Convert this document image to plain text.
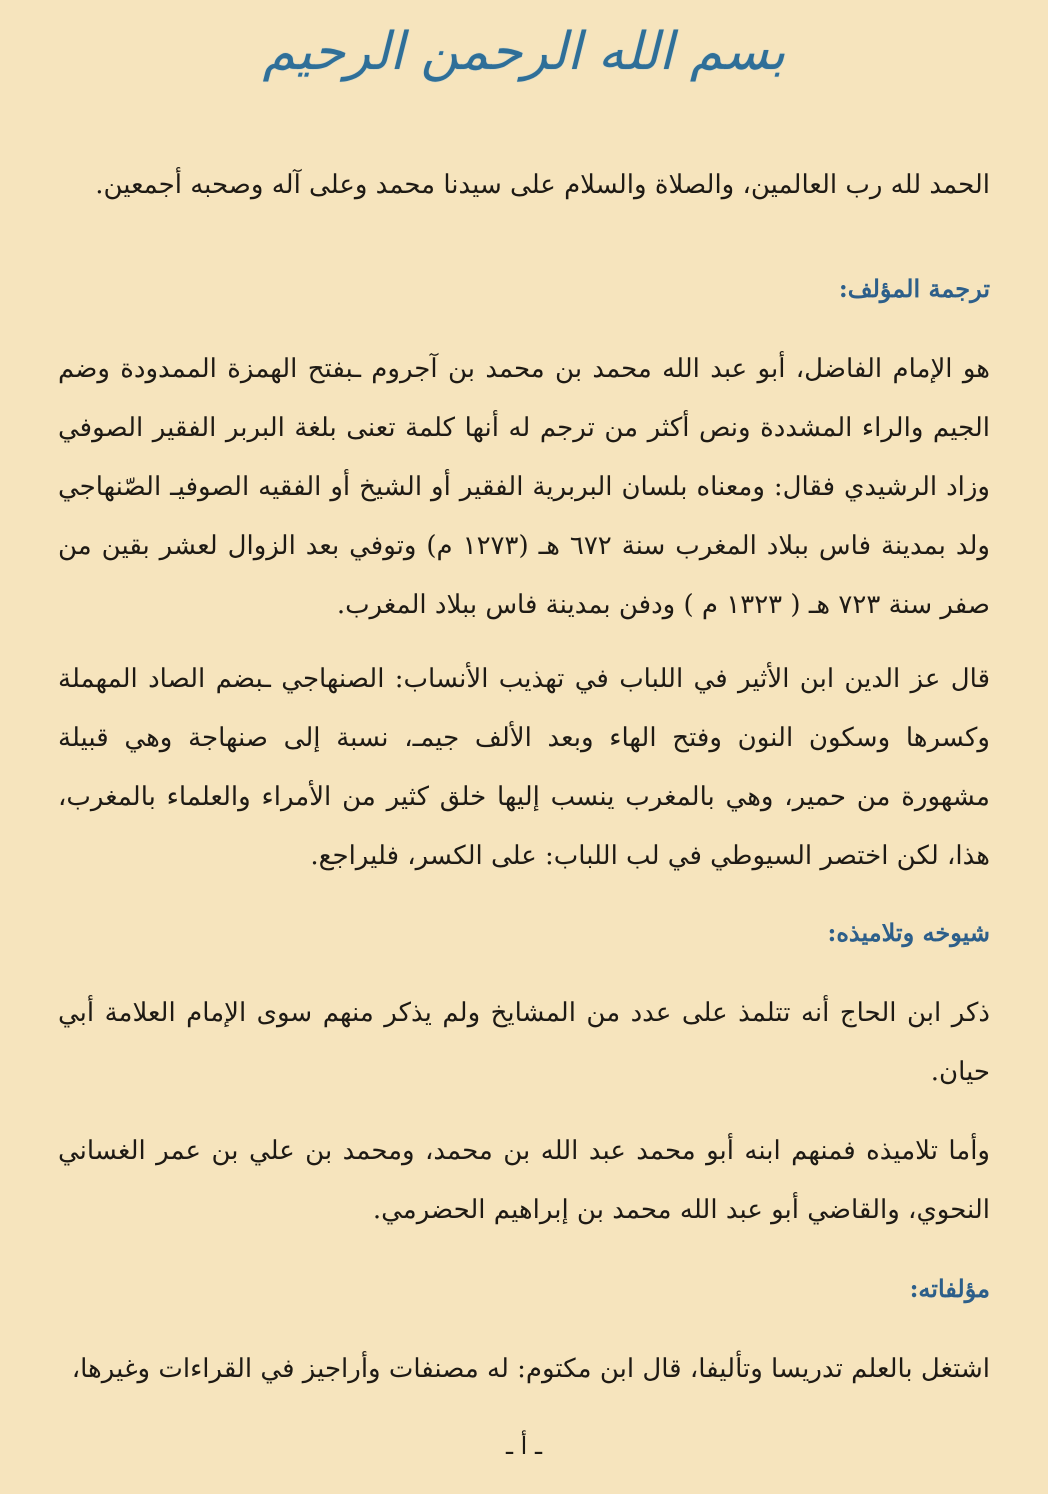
بسم الله الرحمن الرحيم

الحمد لله رب العالمين، والصلاة والسلام على سيدنا محمد وعلى آله وصحبه أجمعين.

ترجمة المؤلف:

هو الإمام الفاضل، أبو عبد الله محمد بن محمد بن آجروم ـبفتح الهمزة الممدودة وضم الجيم والراء المشددة ونص أكثر من ترجم له أنها كلمة تعنى بلغة البربر الفقير الصوفي وزاد الرشيدي فقال: ومعناه بلسان البربرية الفقير أو الشيخ أو الفقيه الصوفيـ الصّنهاجي ولد بمدينة فاس ببلاد المغرب سنة ٦٧٢ هـ (١٢٧٣ م) وتوفي بعد الزوال لعشر بقين من صفر سنة ٧٢٣ هـ ( ١٣٢٣ م ) ودفن بمدينة فاس ببلاد المغرب.

قال عز الدين ابن الأثير في اللباب في تهذيب الأنساب: الصنهاجي ـبضم الصاد المهملة وكسرها وسكون النون وفتح الهاء وبعد الألف جيمـ، نسبة إلى صنهاجة وهي قبيلة مشهورة من حمير، وهي بالمغرب ينسب إليها خلق كثير من الأمراء والعلماء بالمغرب، هذا، لكن اختصر السيوطي في لب اللباب: على الكسر، فليراجع.

شيوخه وتلاميذه:

ذكر ابن الحاج أنه تتلمذ على عدد من المشايخ ولم يذكر منهم سوى الإمام العلامة أبي حيان.

وأما تلاميذه فمنهم ابنه أبو محمد عبد الله بن محمد، ومحمد بن علي بن عمر الغساني النحوي، والقاضي أبو عبد الله محمد بن إبراهيم الحضرمي.

مؤلفاته:

اشتغل بالعلم تدريسا وتأليفا، قال ابن مكتوم: له مصنفات وأراجيز في القراءات وغيرها،

ـ أ ـ
